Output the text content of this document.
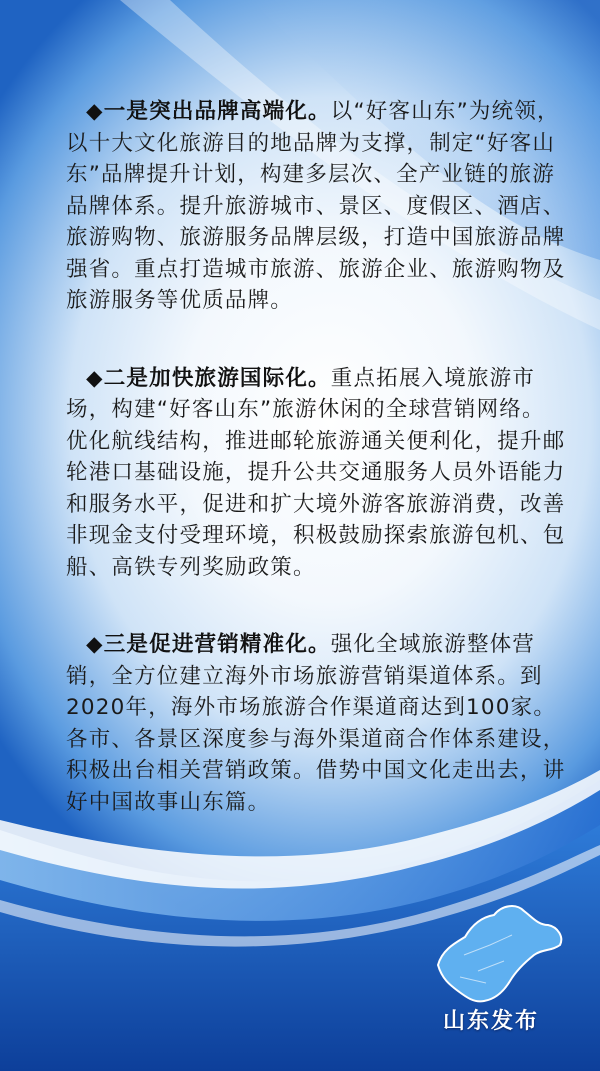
◆一是突出品牌高端化。以“好客山东”为统领，以十大文化旅游目的地品牌为支撑，制定“好客山东”品牌提升计划，构建多层次、全产业链的旅游品牌体系。提升旅游城市、景区、度假区、酒店、旅游购物、旅游服务品牌层级，打造中国旅游品牌强省。重点打造城市旅游、旅游企业、旅游购物及旅游服务等优质品牌。

◆二是加快旅游国际化。重点拓展入境旅游市场，构建“好客山东”旅游休闲的全球营销网络。优化航线结构，推进邮轮旅游通关便利化，提升邮轮港口基础设施，提升公共交通服务人员外语能力和服务水平，促进和扩大境外游客旅游消费，改善非现金支付受理环境，积极鼓励探索旅游包机、包船、高铁专列奖励政策。

◆三是促进营销精准化。强化全域旅游整体营销，全方位建立海外市场旅游营销渠道体系。到2020年，海外市场旅游合作渠道商达到100家。各市、各景区深度参与海外渠道商合作体系建设，积极出台相关营销政策。借势中国文化走出去，讲好中国故事山东篇。

山东发布
